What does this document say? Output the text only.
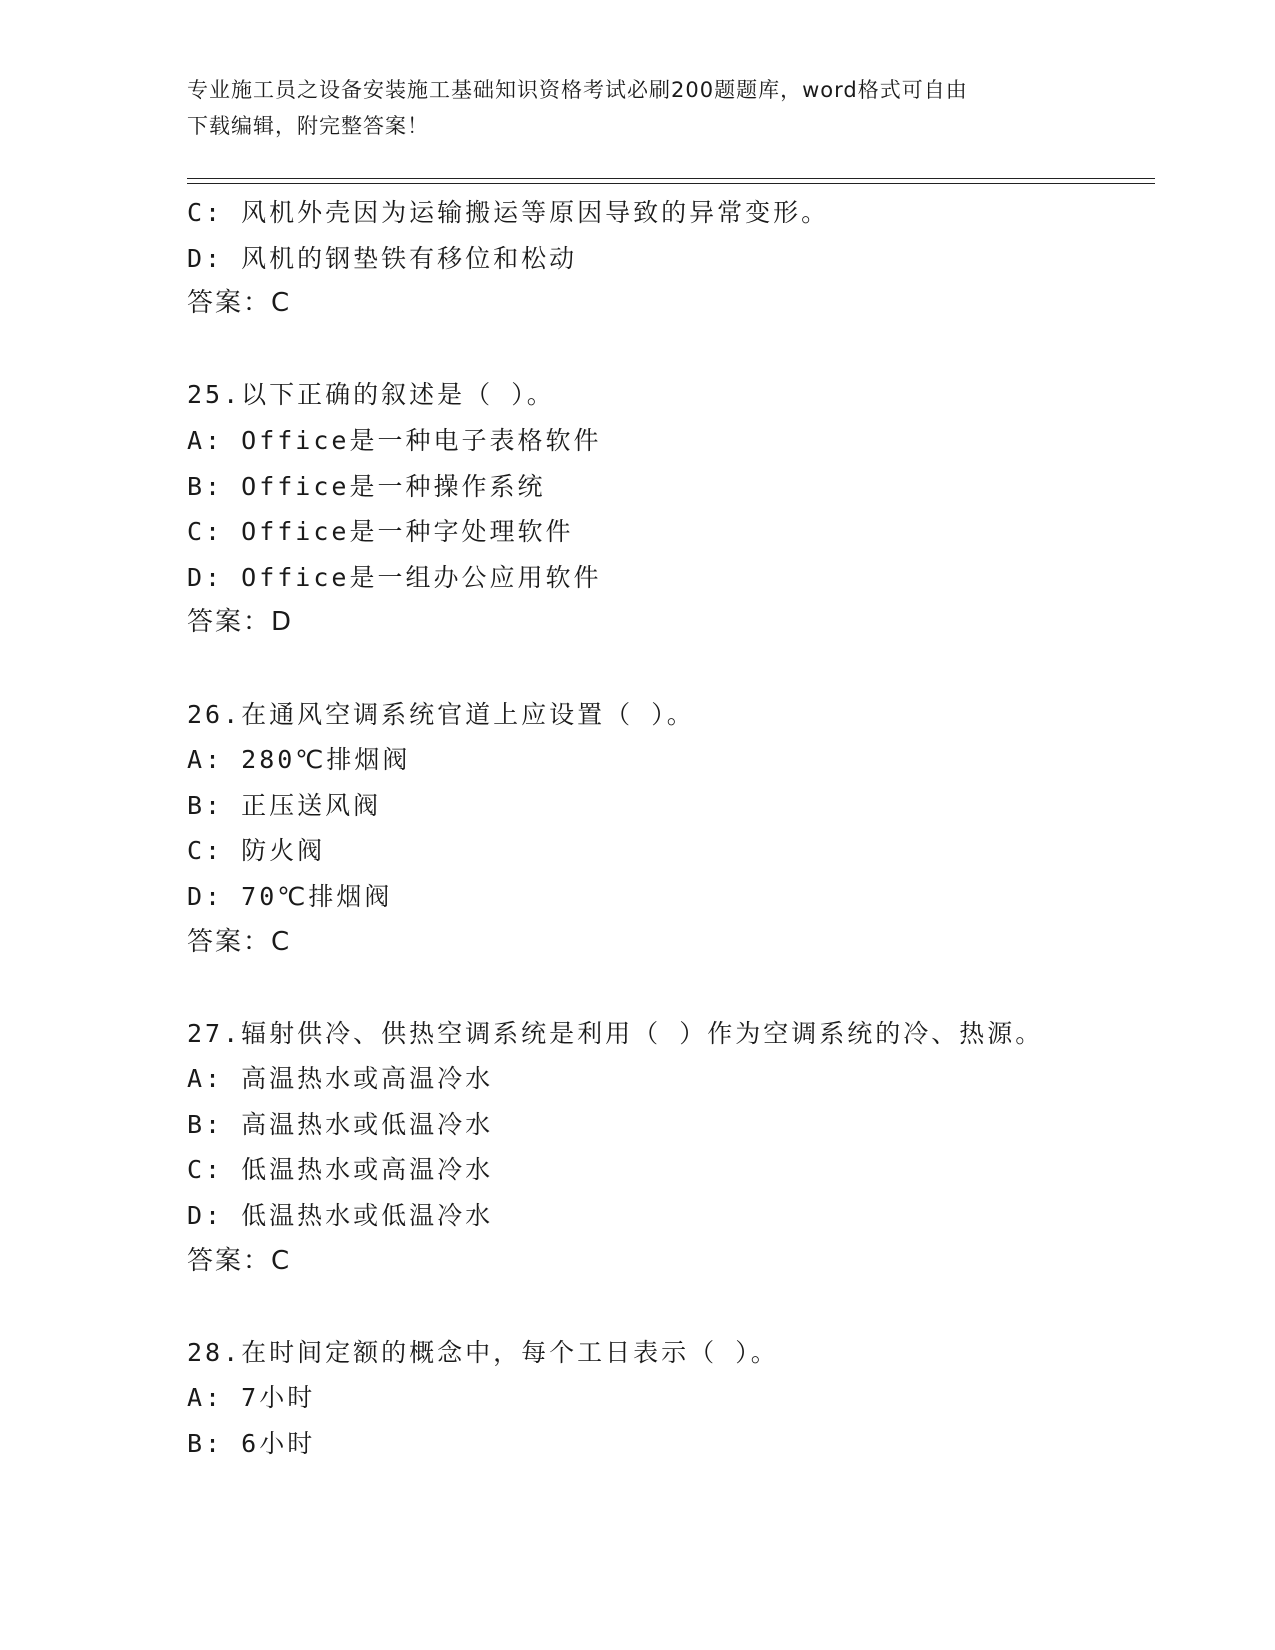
专业施工员之设备安装施工基础知识资格考试必刷200题题库，word格式可自由
下载编辑，附完整答案！
C: 风机外壳因为运输搬运等原因导致的异常变形。
D: 风机的钢垫铁有移位和松动
答案：C
25.以下正确的叙述是（ ）。
A: Office是一种电子表格软件
B: Office是一种操作系统
C: Office是一种字处理软件
D: Office是一组办公应用软件
答案：D
26.在通风空调系统官道上应设置（ ）。
A: 280℃排烟阀
B: 正压送风阀
C: 防火阀
D: 70℃排烟阀
答案：C
27.辐射供冷、供热空调系统是利用（ ）作为空调系统的冷、热源。
A: 高温热水或高温冷水
B: 高温热水或低温冷水
C: 低温热水或高温冷水
D: 低温热水或低温冷水
答案：C
28.在时间定额的概念中，每个工日表示（ ）。
A: 7小时
B: 6小时
